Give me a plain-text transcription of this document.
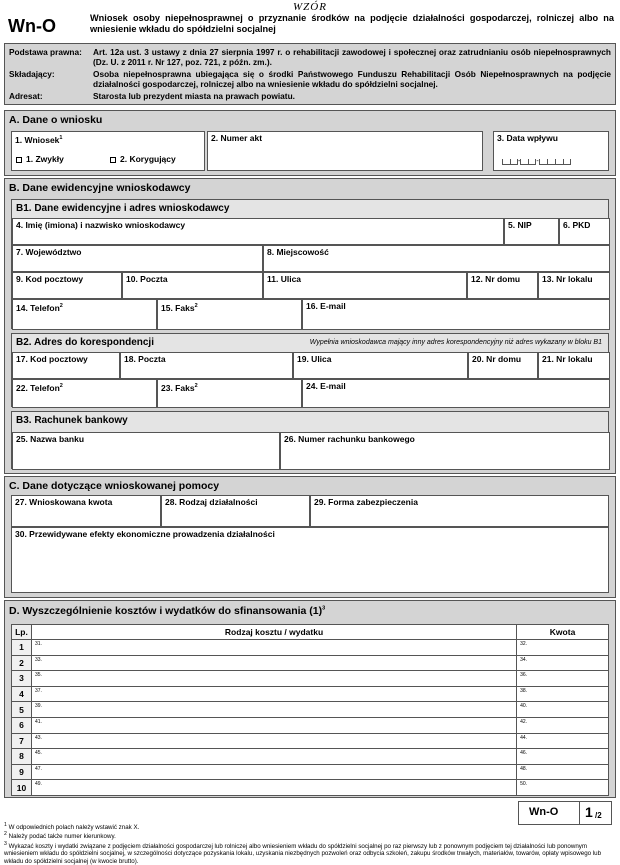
WZÓR
Wn-O	Wniosek osoby niepełnosprawnej o przyznanie środków na podjęcie działalności gospodarczej, rolniczej albo na wniesienie wkładu do spółdzielni socjalnej
Podstawa prawna: Art. 12a ust. 3 ustawy z dnia 27 sierpnia 1997 r. o rehabilitacji zawodowej i społecznej oraz zatrudnianiu osób niepełnosprawnych (Dz. U. z 2011 r. Nr 127, poz. 721, z późn. zm.).
Składający:	Osoba niepełnosprawna ubiegająca się o środki Państwowego Funduszu Rehabilitacji Osób Niepełnosprawnych na podjęcie działalności gospodarczej, rolniczej albo na wniesienie wkładu do spółdzielni socjalnej.
Adresat:	Starosta lub prezydent miasta na prawach powiatu.
A. Dane o wniosku
1. Wniosek$^1$
1. Zwykły	2. Korygujący
2. Numer akt	3. Data wpływu
- -
B. Dane ewidencyjne wnioskodawcy
B1. Dane ewidencyjne i adres wnioskodawcy
4. Imię (imiona) i nazwisko wnioskodawcy	5. NIP	6. PKD
7. Województwo	8. Miejscowość
9. Kod pocztowy	10. Poczta	11. Ulica	12. Nr domu	13. Nr lokalu
14. Telefon$^2$	15. Faks$^2$	16. E-mail
B2. Adres do korespondencji	Wypełnia wnioskodawca mający inny adres korespondencyjny niż adres wykazany w bloku B1
17. Kod pocztowy	18. Poczta	19. Ulica	20. Nr domu	21. Nr lokalu
22. Telefon$^2$	23. Faks$^2$	24. E-mail
B3. Rachunek bankowy
25. Nazwa banku	26. Numer rachunku bankowego
C. Dane dotyczące wnioskowanej pomocy
27. Wnioskowana kwota	28. Rodzaj działalności	29. Forma zabezpieczenia
30. Przewidywane efekty ekonomiczne prowadzenia działalności
D. Wyszczególnienie kosztów i wydatków do sfinansowania $(1)^3$
Lp.	Rodzaj kosztu / wydatku	Kwota
1	31.	32.
2	33.	34.
3	35.	36.
4	37.	38.
5	39.	40.
6	41.	42.
7	43.	44.
8	45.	46.
9	47.	48.
10	49.	50.
Wn-O 1 /2
$^1$ W odpowiednich polach należy wstawić znak X.
$^2$ Należy podać także numer kierunkowy.
$^3$ Wykazać koszty i wydatki związane z podjęciem działalności gospodarczej lub rolniczej albo wniesieniem wkładu do spółdzielni socjalnej po raz pierwszy lub z ponownym podjęciem tej działalności lub ponownym wniesieniem wkładu do spółdzielni socjalnej, w szczególności dotyczące pozyskania lokalu, uzyskania niezbędnych pozwoleń oraz odbycia szkoleń, zakupu środków trwałych, materiałów, towarów, opłaty wpisowego lub wkładu do spółdzielni socjalnej (w kwocie brutto).
